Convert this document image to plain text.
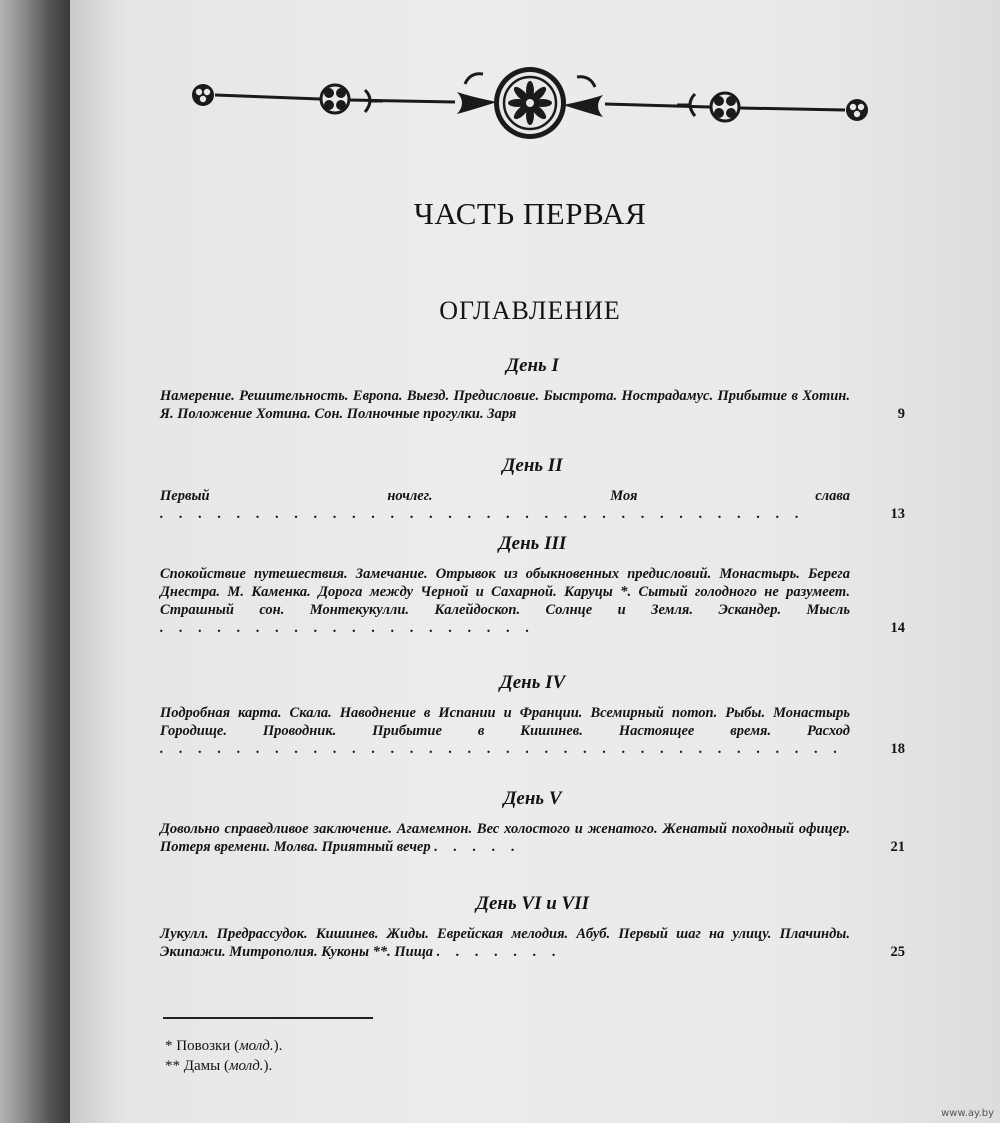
ЧАСТЬ ПЕРВАЯ
ОГЛАВЛЕНИЕ
День I
Намерение. Решительность. Европа. Выезд. Предисловие. Быстрота. Нострадамус. Прибытие в Хотин. Я. Положение Хотина. Сон. Полночные прогулки. Заря	9
День II
Первый ночлег. Моя слава . . . . . . . . . . . . . . . . . . . . . . . . . . . . . . . . . .	13
День III
Спокойствие путешествия. Замечание. Отрывок из обыкновенных предисловий. Монастырь. Берега Днестра. М. Каменка. Дорога между Черной и Сахарной. Каруцы *. Сытый голодного не разумеет. Страшный сон. Монтекукулли. Калейдоскоп. Солнце и Земля. Эскандер. Мысль . . . . . . . . . . . . . . . . . . . .	14
День IV
Подробная карта. Скала. Наводнение в Испании и Франции. Всемирный потоп. Рыбы. Монастырь Городище. Проводник. Прибытие в Кишинев. Настоящее время. Расход . . . . . . . . . . . . . . . . . . . . . . . . . . . . . . . . . . . .	18
День V
Довольно справедливое заключение. Агамемнон. Вес холостого и женатого. Женатый походный офицер. Потеря времени. Молва. Приятный вечер . . . . .	21
День VI и VII
Лукулл. Предрассудок. Кишинев. Жиды. Еврейская мелодия. Абуб. Первый шаг на улицу. Плачинды. Экипажи. Митрополия. Куконы **. Пища . . . . . . .	25
* Повозки (молд.).
** Дамы (молд.).
www.ay.by
